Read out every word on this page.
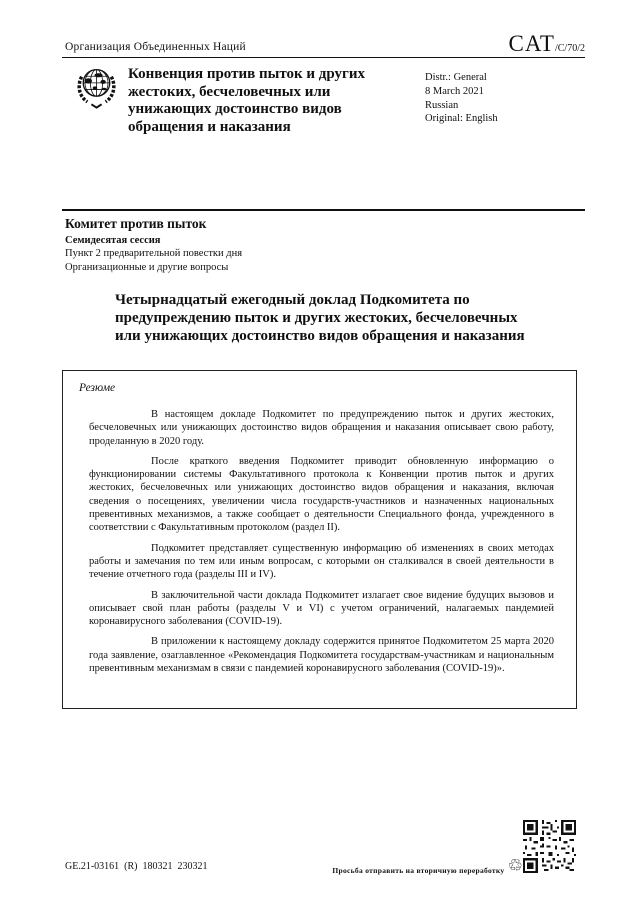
Организация Объединенных Наций	CAT/C/70/2
Конвенция против пыток и других жестоких, бесчеловечных или унижающих достоинство видов обращения и наказания
Distr.: General
8 March 2021
Russian
Original: English
Комитет против пыток
Семидесятая сессия
Пункт 2 предварительной повестки дня
Организационные и другие вопросы
Четырнадцатый ежегодный доклад Подкомитета по предупреждению пыток и других жестоких, бесчеловечных или унижающих достоинство видов обращения и наказания
Резюме

В настоящем докладе Подкомитет по предупреждению пыток и других жестоких, бесчеловечных или унижающих достоинство видов обращения и наказания описывает свою работу, проделанную в 2020 году.

После краткого введения Подкомитет приводит обновленную информацию о функционировании системы Факультативного протокола к Конвенции против пыток и других жестоких, бесчеловечных или унижающих достоинство видов обращения и наказания, включая сведения о посещениях, увеличении числа государств-участников и назначенных национальных превентивных механизмов, а также сообщает о деятельности Специального фонда, учрежденного в соответствии с Факультативным протоколом (раздел II).

Подкомитет представляет существенную информацию об изменениях в своих методах работы и замечания по тем или иным вопросам, с которыми он сталкивался в своей деятельности в течение отчетного года (разделы III и IV).

В заключительной части доклада Подкомитет излагает свое видение будущих вызовов и описывает свой план работы (разделы V и VI) с учетом ограничений, налагаемых пандемией коронавирусного заболевания (COVID-19).

В приложении к настоящему докладу содержится принятое Подкомитетом 25 марта 2020 года заявление, озаглавленное «Рекомендация Подкомитета государствам-участникам и национальным превентивным механизмам в связи с пандемией коронавирусного заболевания (COVID-19)».

GE.21-03161  (R)  180321  230321	Просьба отправить на вторичную переработку ♲
